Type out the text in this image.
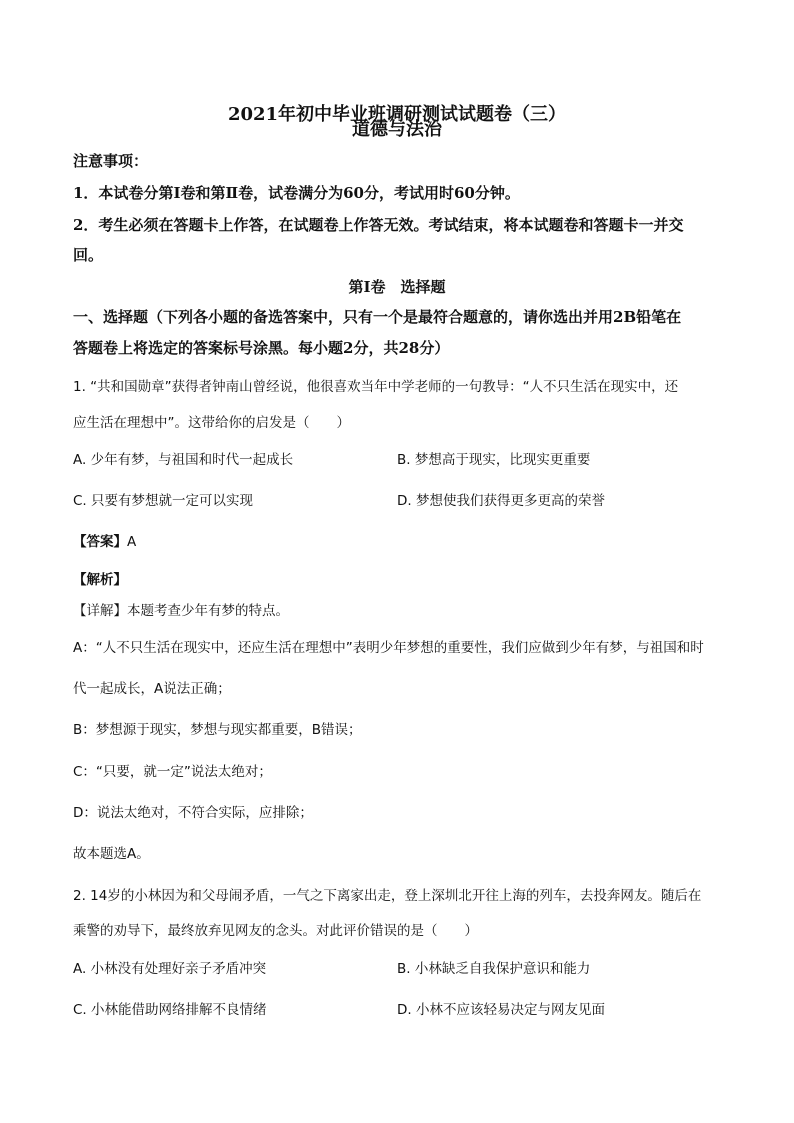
2021年初中毕业班调研测试试题卷（三）
道德与法治
注意事项：
1．本试卷分第Ⅰ卷和第Ⅱ卷，试卷满分为60分，考试用时60分钟。
2．考生必须在答题卡上作答，在试题卷上作答无效。考试结束，将本试题卷和答题卡一并交
回。
第Ⅰ卷　选择题
一、选择题（下列各小题的备选答案中，只有一个是最符合题意的，请你选出并用2B铅笔在
答题卷上将选定的答案标号涂黑。每小题2分，共28分）
1. “共和国勋章”获得者钟南山曾经说，他很喜欢当年中学老师的一句教导：“人不只生活在现实中，还
应生活在理想中”。这带给你的启发是（　　）
A. 少年有梦，与祖国和时代一起成长	B. 梦想高于现实，比现实更重要
C. 只要有梦想就一定可以实现	D. 梦想使我们获得更多更高的荣誉
【答案】A
【解析】
【详解】本题考查少年有梦的特点。
A：“人不只生活在现实中，还应生活在理想中”表明少年梦想的重要性，我们应做到少年有梦，与祖国和时
代一起成长，A说法正确；
B：梦想源于现实，梦想与现实都重要，B错误；
C：“只要，就一定”说法太绝对；
D：说法太绝对，不符合实际，应排除；
故本题选A。
2. 14岁的小林因为和父母闹矛盾，一气之下离家出走，登上深圳北开往上海的列车，去投奔网友。随后在
乘警的劝导下，最终放弃见网友的念头。对此评价错误的是（　　）
A. 小林没有处理好亲子矛盾冲突	B. 小林缺乏自我保护意识和能力
C. 小林能借助网络排解不良情绪	D. 小林不应该轻易决定与网友见面
